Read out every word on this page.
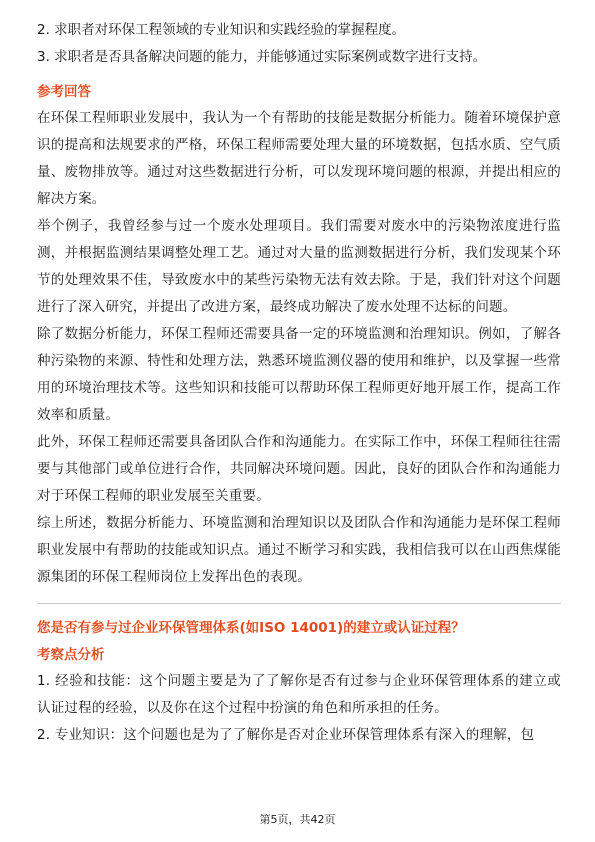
2. 求职者对环保工程领域的专业知识和实践经验的掌握程度。

3. 求职者是否具备解决问题的能力，并能够通过实际案例或数字进行支持。

参考回答

在环保工程师职业发展中，我认为一个有帮助的技能是数据分析能力。随着环境保护意识的提高和法规要求的严格，环保工程师需要处理大量的环境数据，包括水质、空气质量、废物排放等。通过对这些数据进行分析，可以发现环境问题的根源，并提出相应的解决方案。

举个例子，我曾经参与过一个废水处理项目。我们需要对废水中的污染物浓度进行监测，并根据监测结果调整处理工艺。通过对大量的监测数据进行分析，我们发现某个环节的处理效果不佳，导致废水中的某些污染物无法有效去除。于是，我们针对这个问题进行了深入研究，并提出了改进方案，最终成功解决了废水处理不达标的问题。

除了数据分析能力，环保工程师还需要具备一定的环境监测和治理知识。例如，了解各种污染物的来源、特性和处理方法，熟悉环境监测仪器的使用和维护，以及掌握一些常用的环境治理技术等。这些知识和技能可以帮助环保工程师更好地开展工作，提高工作效率和质量。

此外，环保工程师还需要具备团队合作和沟通能力。在实际工作中，环保工程师往往需要与其他部门或单位进行合作，共同解决环境问题。因此，良好的团队合作和沟通能力对于环保工程师的职业发展至关重要。

综上所述，数据分析能力、环境监测和治理知识以及团队合作和沟通能力是环保工程师职业发展中有帮助的技能或知识点。通过不断学习和实践，我相信我可以在山西焦煤能源集团的环保工程师岗位上发挥出色的表现。

您是否有参与过企业环保管理体系(如ISO 14001)的建立或认证过程？

考察点分析

1. 经验和技能：这个问题主要是为了了解你是否有过参与企业环保管理体系的建立或认证过程的经验，以及你在这个过程中扮演的角色和所承担的任务。

2. 专业知识：这个问题也是为了了解你是否对企业环保管理体系有深入的理解，包

第5页，共42页
